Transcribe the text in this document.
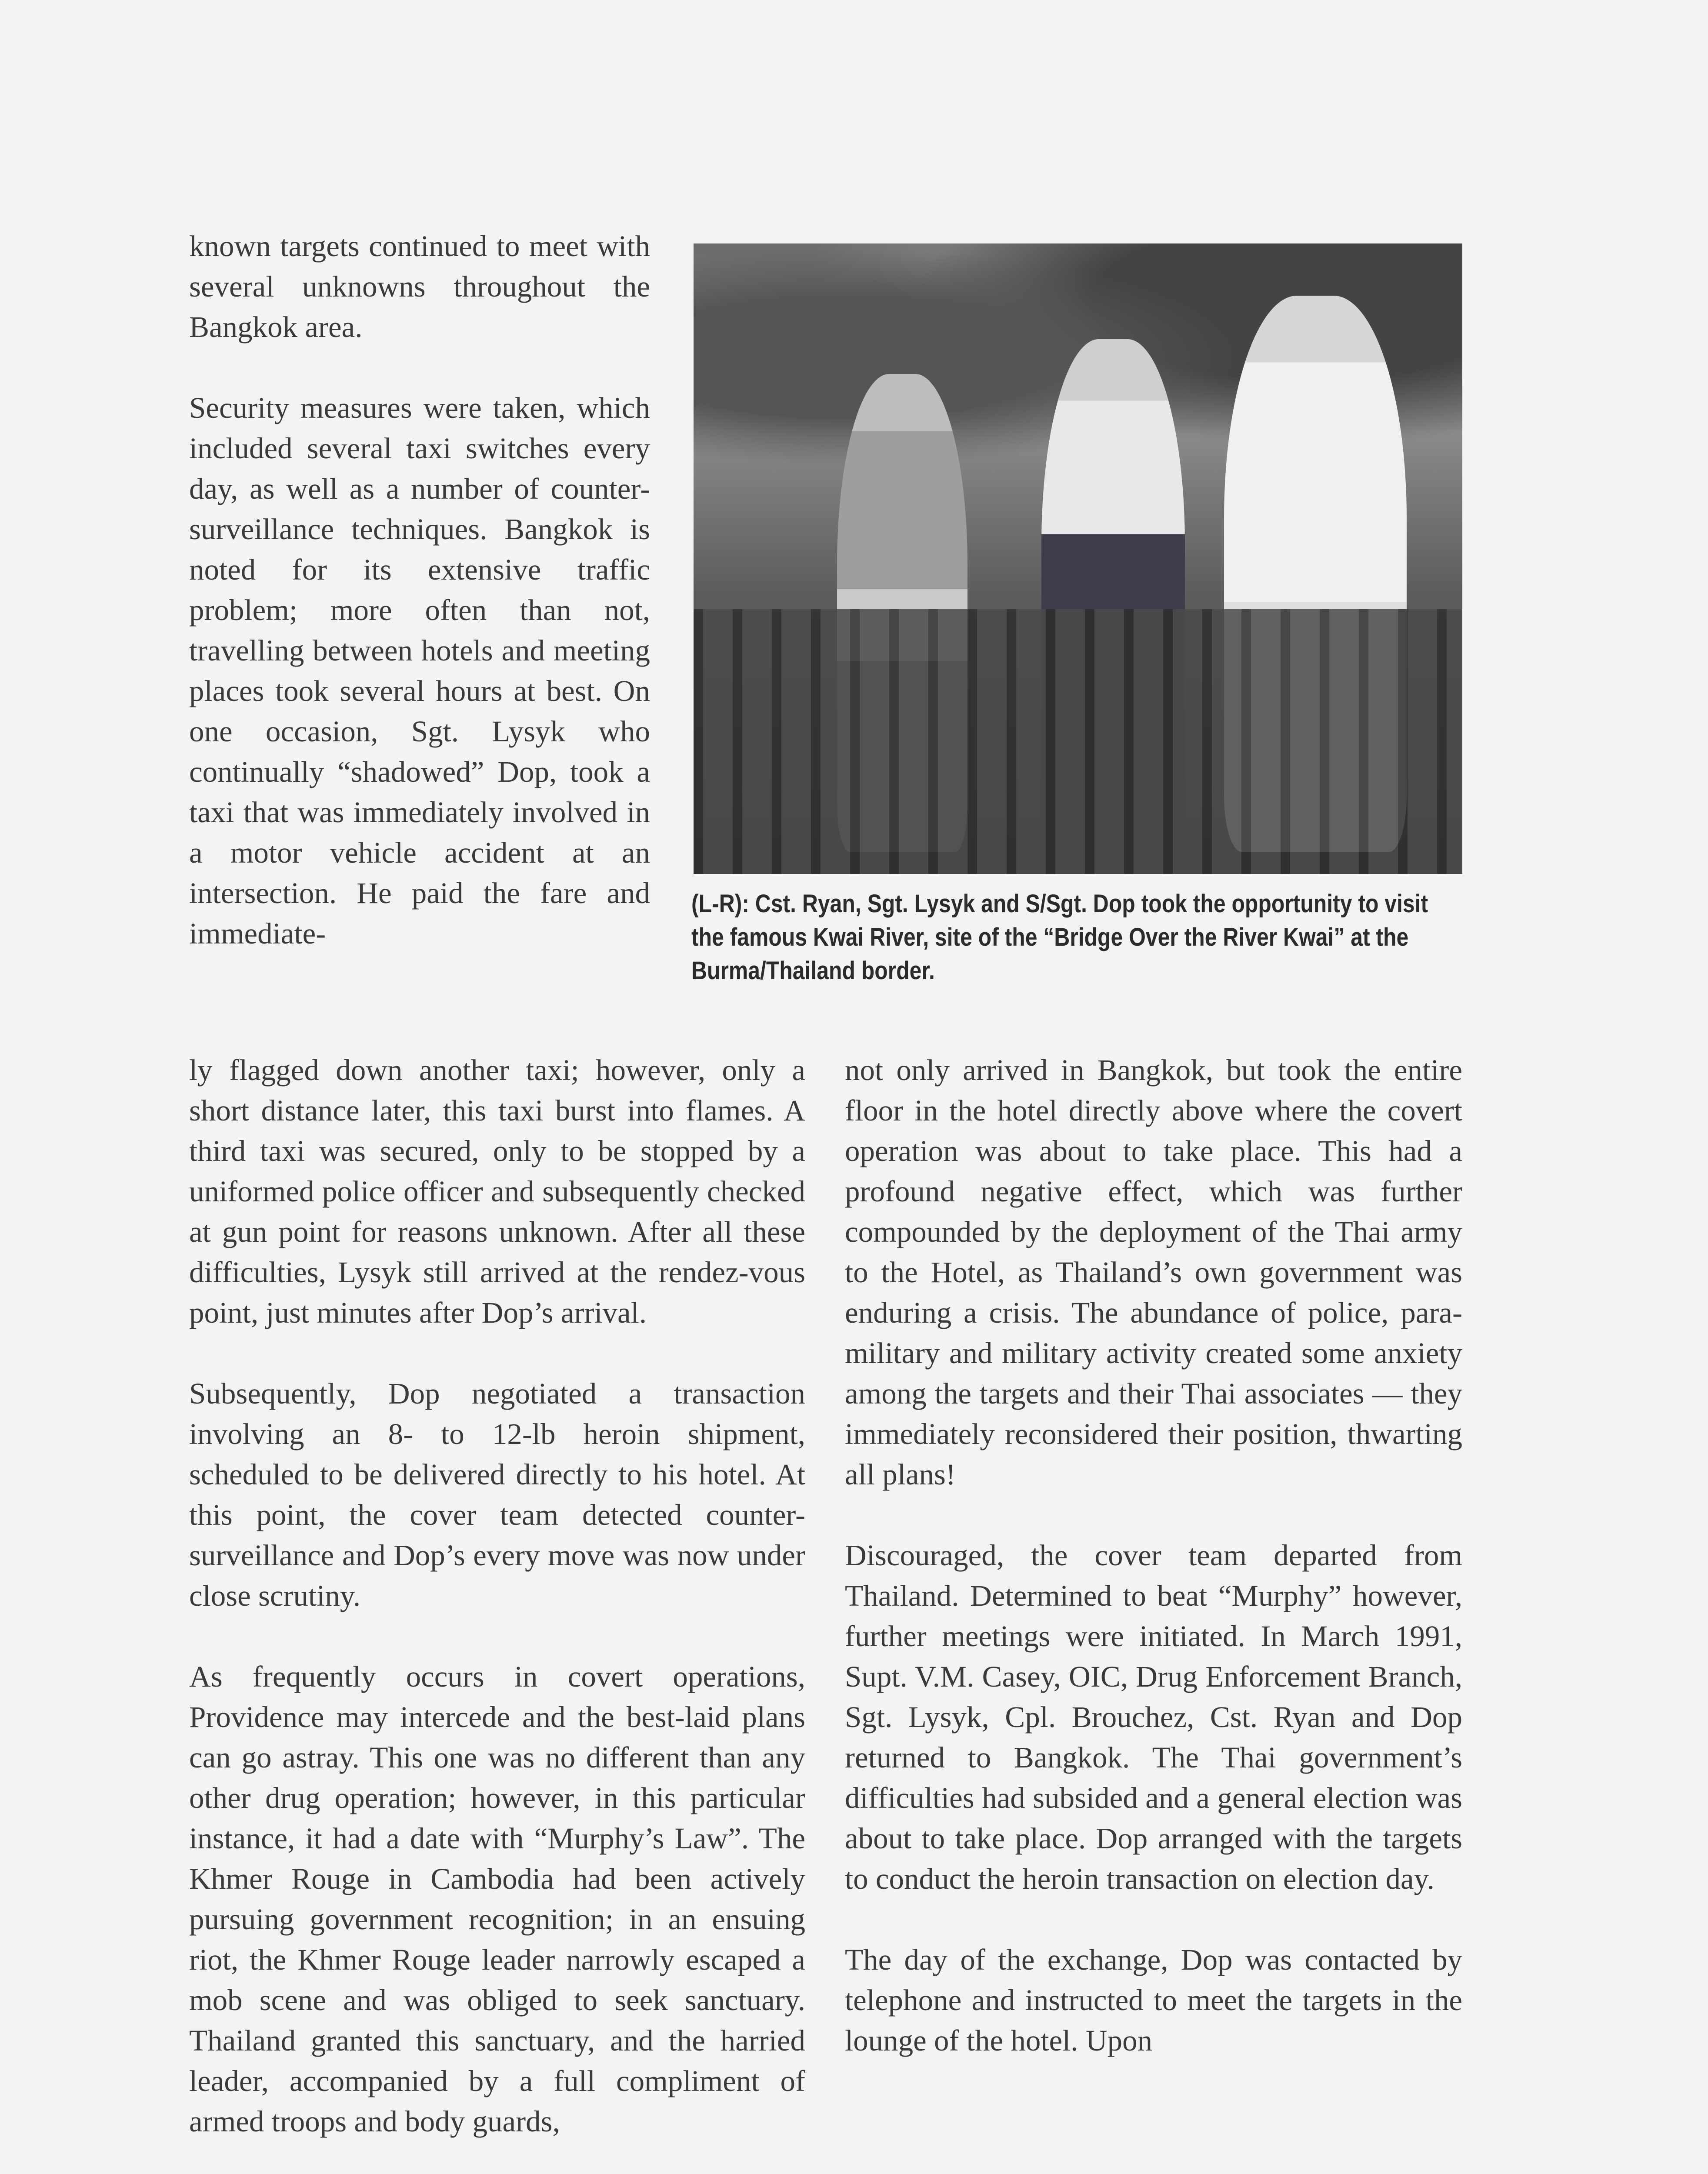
known targets continued to meet with several unknowns throughout the Bangkok area.

Security measures were taken, which included several taxi switches every day, as well as a number of counter-surveillance techniques. Bangkok is noted for its extensive traffic problem; more often than not, travelling between hotels and meeting places took several hours at best. On one occasion, Sgt. Lysyk who continually “shadowed” Dop, took a taxi that was immediately involved in a motor vehicle accident at an intersection. He paid the fare and immediate-

(L-R): Cst. Ryan, Sgt. Lysyk and S/Sgt. Dop took the opportunity to visit the famous Kwai River, site of the “Bridge Over the River Kwai” at the Burma/Thailand border.

ly flagged down another taxi; however, only a short distance later, this taxi burst into flames. A third taxi was secured, only to be stopped by a uniformed police officer and subsequently checked at gun point for reasons unknown. After all these difficulties, Lysyk still arrived at the rendez-vous point, just minutes after Dop’s arrival.

Subsequently, Dop negotiated a transaction involving an 8- to 12-lb heroin shipment, scheduled to be delivered directly to his hotel. At this point, the cover team detected counter-surveillance and Dop’s every move was now under close scrutiny.

As frequently occurs in covert operations, Providence may intercede and the best-laid plans can go astray. This one was no different than any other drug operation; however, in this particular instance, it had a date with “Murphy’s Law”. The Khmer Rouge in Cambodia had been actively pursuing government recognition; in an ensuing riot, the Khmer Rouge leader narrowly escaped a mob scene and was obliged to seek sanctuary. Thailand granted this sanctuary, and the harried leader, accompanied by a full compliment of armed troops and body guards,

not only arrived in Bangkok, but took the entire floor in the hotel directly above where the covert operation was about to take place. This had a profound negative effect, which was further compounded by the deployment of the Thai army to the Hotel, as Thailand’s own government was enduring a crisis. The abundance of police, para-military and military activity created some anxiety among the targets and their Thai associates — they immediately reconsidered their position, thwarting all plans!

Discouraged, the cover team departed from Thailand. Determined to beat “Murphy” however, further meetings were initiated. In March 1991, Supt. V.M. Casey, OIC, Drug Enforcement Branch, Sgt. Lysyk, Cpl. Brouchez, Cst. Ryan and Dop returned to Bangkok. The Thai government’s difficulties had subsided and a general election was about to take place. Dop arranged with the targets to conduct the heroin transaction on election day.

The day of the exchange, Dop was contacted by telephone and instructed to meet the targets in the lounge of the hotel. Upon
